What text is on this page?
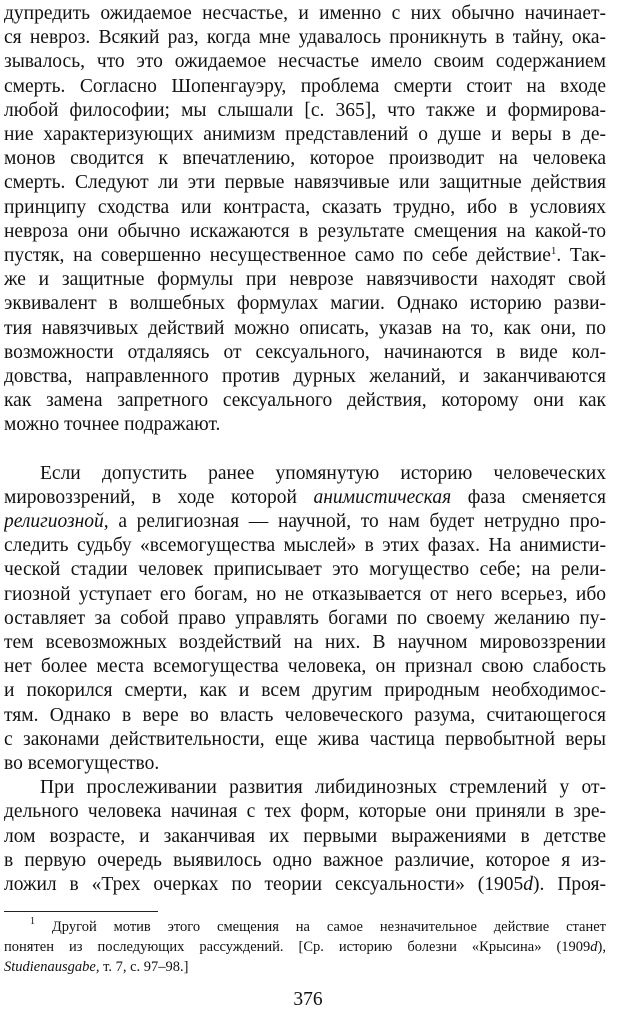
дупредить ожидаемое несчастье, и именно с них обычно начинает-
ся невроз. Всякий раз, когда мне удавалось проникнуть в тайну, ока-
зывалось, что это ожидаемое несчастье имело своим содержанием
смерть. Согласно Шопенгауэру, проблема смерти стоит на входе
любой философии; мы слышали [с. 365], что также и формирова-
ние характеризующих анимизм представлений о душе и веры в де-
монов сводится к впечатлению, которое производит на человека
смерть. Следуют ли эти первые навязчивые или защитные действия
принципу сходства или контраста, сказать трудно, ибо в условиях
невроза они обычно искажаются в результате смещения на какой-то
пустяк, на совершенно несущественное само по себе действие$^1$. Так-
же и защитные формулы при неврозе навязчивости находят свой
эквивалент в волшебных формулах магии. Однако историю разви-
тия навязчивых действий можно описать, указав на то, как они, по
возможности отдаляясь от сексуального, начинаются в виде кол-
довства, направленного против дурных желаний, и заканчиваются
как замена запретного сексуального действия, которому они как
можно точнее подражают.
Если допустить ранее упомянутую историю человеческих
мировоззрений, в ходе которой анимистическая фаза сменяется
религиозной, а религиозная — научной, то нам будет нетрудно про-
следить судьбу «всемогущества мыслей» в этих фазах. На анимисти-
ческой стадии человек приписывает это могущество себе; на рели-
гиозной уступает его богам, но не отказывается от него всерьез, ибо
оставляет за собой право управлять богами по своему желанию пу-
тем всевозможных воздействий на них. В научном мировоззрении
нет более места всемогущества человека, он признал свою слабость
и покорился смерти, как и всем другим природным необходимос-
тям. Однако в вере во власть человеческого разума, считающегося
с законами действительности, еще жива частица первобытной веры
во всемогущество.
При прослеживании развития либидинозных стремлений у от-
дельного человека начиная с тех форм, которые они приняли в зре-
лом возрасте, и заканчивая их первыми выражениями в детстве
в первую очередь выявилось одно важное различие, которое я из-
ложил в «Трех очерках по теории сексуальности» (1905d). Проя-
$^1$ Другой мотив этого смещения на самое незначительное действие станет
понятен из последующих рассуждений. [Ср. историю болезни «Крысина» (1909d),
Studienausgabe, т. 7, с. 97–98.]
376
